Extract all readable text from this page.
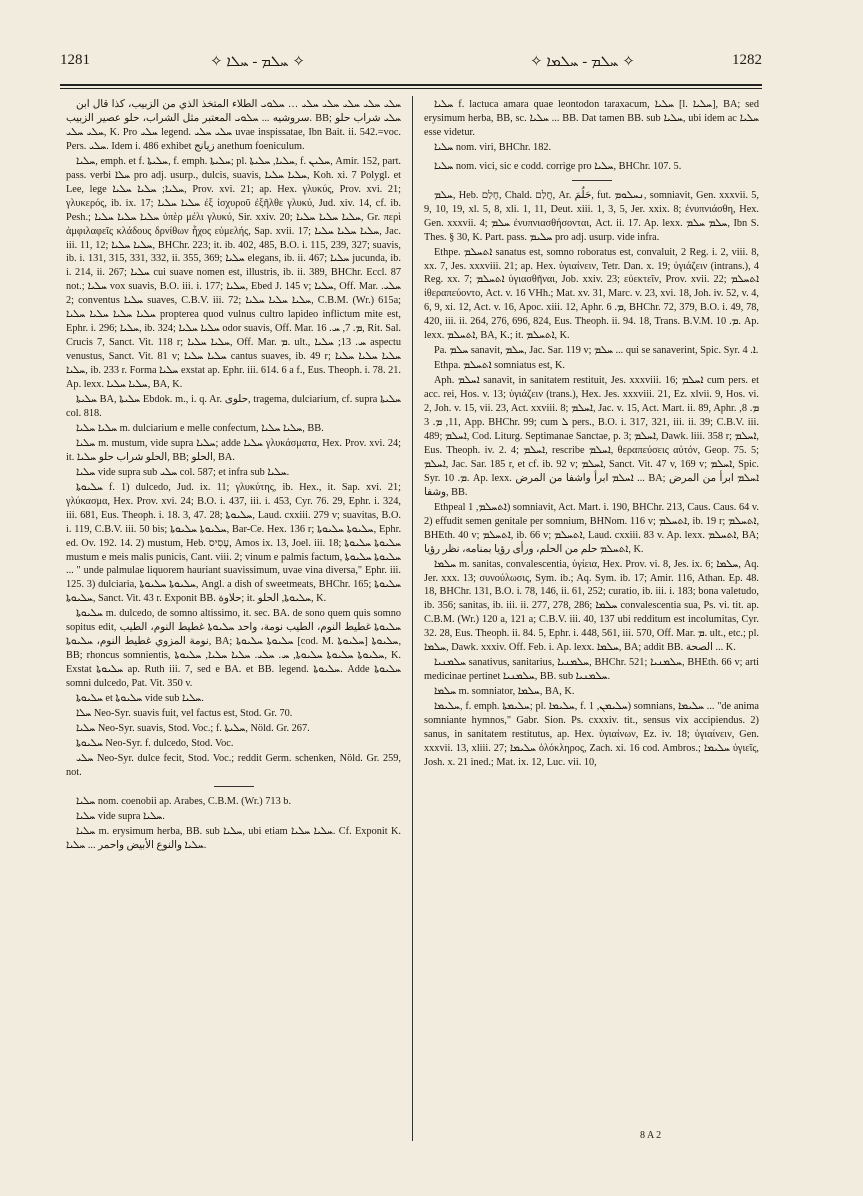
1281	✧ ܚܠܡ - ܚܠܐ ✧	✧ ܚܠܡ - ܚܠܡܐ ✧	1282

ܚܠܝ ܚܠܝ ܚܠܝ ܚܠܝ ܚܠܝ … ܚܠܘܝ الطلاء المتخذ الذي من الزبيب، كذا قال ابن سروشيه ... ܚܠܘܝ المعتبر مثل الشراب، حلو عصير الزبيب. BB; ܚܠܝ شراب حلو ܚܠܝ ܚܠܝ, K. Pro ܚܠܝ legend. ܚܠܝ ܚܠܝ uvae inspissatae, Ibn Bait. ii. 542.=voc. Pers. ܚܠܝ. Idem i. 486 exhibet زيانج anethum foeniculum.

ܚܠܝܐ, emph. et f. ܚܠܝܬܐ, f. emph. ܚܠܝܬܐ; pl. ܚܠܝܐ, ܚܠܝܬܐ, f. ܚܠܝܢ, Amir. 152, part. pass. verbi ܚܠܐ pro adj. usurp., dulcis, suavis, ܚܠܝܐ ܚܠܝܐ, Koh. xi. 7 Polygl. et Lee, lege ܚܠܝܐ; ܚܠܝܐ ܚܠܝܐ, Prov. xvi. 21; ap. Hex. γλυκύς, Prov. xvi. 21; γλυκερός, ib. ix. 17; ܚܠܝܐ ܚܠܝܐ ἐξ ἰσχυροῦ ἐξῆλθε γλυκύ, Jud. xiv. 14, cf. ib. Pesh.; ܚܠܝܐ ܚܠܝܐ ܚܠܝܐ ὑπὲρ μέλι γλυκύ, Sir. xxiv. 20; ܚܠܝܐ ܚܠܝܐ ܚܠܝܐ, Gr. περὶ ἀμφιλαφεῖς κλάδους δρνίθων ἦχος εὐμελής, Sap. xvii. 17; ܚܠܝܐ ܚܠܝܐ ܚܠܝܐ, Jac. iii. 11, 12; ܚܠܝܐ ܚܠܝܐ, BHChr. 223; it. ib. 402, 485, B.O. i. 115, 239, 327; suavis, ib. i. 131, 315, 331, 332, ii. 355, 369; ܚܠܝܐ elegans, ib. ii. 467; ܚܠܝܐ jucunda, ib. i. 214, ii. 267; ܚܠܝܐ cui suave nomen est, illustris, ib. ii. 389, BHChr. Eccl. 87 not.; ܚܠܝܐ vox suavis, B.O. iii. i. 177; ܚܠܝܐ, Ebed J. 145 v; ܚܠܝܐ, Off. Mar. ܚܠܝ. 2; conventus ܚܠܝܐ suaves, C.B.V. iii. 72; ܚܠܝܐ ܚܠܝܐ ܚܠܝܐ, C.B.M. (Wr.) 615a; ܚܠܝܐ ܚܠܝܐ ܚܠܝܐ ܚܠܝܐ propterea quod vulnus cultro lapideo inflictum mite est, Ephr. i. 296; ܚܠܝܐ, ib. 324; ܚܠܝܐ ܚܠܝܐ odor suavis, Off. Mar. ܡ. 7, ܚ. 16, Rit. Sal. Crucis 7, Sanct. Vit. 118 r; ܚܠܝܐ ܚܠܝܐ, Off. Mar. ܡ. ult., ܚ. 13; ܚܠܝܐ aspectu venustus, Sanct. Vit. 81 v; ܚܠܝܐ ܚܠܝܐ cantus suaves, ib. 49 r; ܚܠܝܐ ܚܠܝܐ ܚܠܝܐ ܚܠܝܐ, ib. 233 r. Forma ܚܠܝܐ exstat ap. Ephr. iii. 614. 6 a f., Eus. Theoph. i. 78. 21. Ap. lexx. ܚܠܝܐ ܚܠܝܐ, BA, K.

ܚܠܝܬܐ BA, ܚܠܝܬܐ Ebdok. m., i. q. Ar. حلوى, tragema, dulciarium, cf. supra ܚܠܝܬܐ col. 818.

ܚܠܝܐ ܚܠܝܐ m. dulciarium e melle confectum, ܚܠܝܐ ܚܠܝܐ, BB.

ܚܠܝܐ m. mustum, vide supra ܚܠܝܐ; adde ܚܠܝܐ γλυκάσματα, Hex. Prov. xvi. 24; it. الحلو شراب حلو ܚܠܝܐ, BB; الحلو, BA.

ܚܠܝܐ vide supra sub ܚܠܝ col. 587; et infra sub ܚܠܝܐ.

ܚܠܝܘܬܐ f. 1) dulcedo, Jud. ix. 11; γλυκύτης, ib. Hex., it. Sap. xvi. 21; γλύκασμα, Hex. Prov. xvi. 24; B.O. i. 437, iii. i. 453, Cyr. 76. 29, Ephr. i. 324, iii. 681, Eus. Theoph. i. 18. 3, 47. 28; ܚܠܝܘܬܐ, Laud. cxxiii. 279 v; suavitas, B.O. i. 119, C.B.V. iii. 50 bis; ܚܠܝܘܬܐ ܚܠܝܘܬܐ, Bar-Ce. Hex. 136 r; ܚܠܝܘܬܐ ܚܠܝܘܬܐ, Ephr. ed. Ov. 192. 14. 2) mustum, Heb. עָסִיס, Amos ix. 13, Joel. iii. 18; ܚܠܝܘܬܐ ܚܠܝܘܬܐ mustum e meis malis punicis, Cant. viii. 2; vinum e palmis factum, ܚܠܝܘܬܐ ܚܠܝܘܬܐ ... " unde palmulae liquorem hauriant suavissimum, uvae vina diversa," Ephr. iii. 125. 3) dulciaria, ܚܠܝܘܬܐ ܚܠܝܘܬܐ, Angl. a dish of sweetmeats, BHChr. 165; ܚܠܝܘܬܐ ܚܠܝܘܬܐ, Sanct. Vit. 43 r. Exponit BB. حلاوة; it. ܚܠܝܘܬܐ, الحلو, K.

ܚܠܝܘܬܐ m. dulcedo, de somno altissimo, it. sec. BA. de sono quem quis somno sopitus edit, ܚܠܝܘܬܐ غطيط النوم، الطيب نومة، واحد ܚܠܝܘܬܐ غطيط النوم، الطيب نومة المزوي غطيط النوم، ܚܠܝܘܬܐ, BA; ܚܠܝܘܬܐ ܚܠܝܘܬܐ [cod. M. ܚܠܝܘܬܐ] ܚܠܝܘܬܐ, BB; rhoncus somnientis, ܚܠܝܘܬܐ ܚܠܝܘܬܐ ܚܠܝܘܬܐ, ܚ. ܚܠܝ. ܚܠܝܐ ܚܠܝܐ, ܚܠܝܘܬܐ, K. Exstat ܚܠܝܘܬܐ ap. Ruth iii. 7, sed e BA. et BB. legend. ܚܠܝܘܬܐ. Adde ܚܠܝܘܬܐ somni dulcedo, Pat. Vit. 350 v.

ܚܠܝܘܬܐ et ܚܠܝܘܬܐ vide sub ܚܠܝܐ.

ܚܠܐ Neo-Syr. suavis fuit, vel factus est, Stod. Gr. 70.

ܚܠܝܐ Neo-Syr. suavis, Stod. Voc.; f. ܚܠܝܬܐ, Nöld. Gr. 267.

ܚܠܝܘܬܐ Neo-Syr. f. dulcedo, Stod. Voc.

ܚܠܝ Neo-Syr. dulce fecit, Stod. Voc.; reddit Germ. schenken, Nöld. Gr. 259, not.

ܚܠܝܐ nom. coenobii ap. Arabes, C.B.M. (Wr.) 713 b.

ܚܠܝܐ vide supra ܚܠܝܐ.

ܚܠܝܐ m. erysimum herba, BB. sub ܚܠܝܐ, ubi etiam ܚܠܝܐ ܚܠܝܐ. Cf. Exponit K. ܚܠܝܐ والنوع الأبيض واحمر ... ܚܠܝܐ.

ܚܠܝܐ f. lactuca amara quae leontodon taraxacum, ܚܠܝܐ [l. ܚܠܝܐ], BA; sed erysimum herba, BB, sc. ܚܠܝܐ ... BB. Dat tamen BB. sub ܚܠܝܐ, ubi idem ac ܚܠܝܐ esse videtur.

ܚܠܝܐ nom. viri, BHChr. 182.

ܚܠܝܐ nom. vici, sic e codd. corrige pro ܚܠܝܐ, BHChr. 107. 5.

ܚܠܡ, Heb. חָלַם, Chald. חֲלַם, Ar. حَلُمَ, fut. ܢܚܠܘܡ, somniavit, Gen. xxxvii. 5, 9, 10, 19, xl. 5, 8, xli. 1, 11, Deut. xiii. 1, 3, 5, Jer. xxix. 8; ἐνυπνιάσθη, Hex. Gen. xxxvii. 4; ܚܠܡ ἐνυπνιασθήσονται, Act. ii. 17. Ap. lexx. ܚܠܡ ܚܠܡ, Ibn S. Thes. § 30, K. Part. pass. ܚܠܝܡ pro adj. usurp. vide infra.

Ethpe. ܐܬܚܠܡ sanatus est, somno roboratus est, convaluit, 2 Reg. i. 2, viii. 8, xx. 7, Jes. xxxviii. 21; ap. Hex. ὑγιαίνειν, Tetr. Dan. x. 19; ὑγιάζειν (intrans.), 4 Reg. xx. 7; ܐܬܚܠܡ ὑγιασθῆναι, Job. xxiv. 23; εὐεκτεῖν, Prov. xvii. 22; ܐܬܚܠܡ ἰθεραπεύοντο, Act. v. 16 VHh.; Mat. xv. 31, Marc. v. 23, xvi. 18, Joh. iv. 52, v. 4, 6, 9, xi. 12, Act. v. 16, Apoc. xiii. 12, Aphr. ܡ. 6, BHChr. 72, 379, B.O. i. 49, 78, 420, iii. ii. 264, 276, 696, 824, Eus. Theoph. ii. 94. 18, Trans. B.V.M. ܡ. 10. Ap. lexx. ܐܬܚܠܡ, BA, K.; it. ܐܬܚܠܡ, K.

Pa. ܚܠܡ sanavit, ܚܠܡ, Jac. Sar. 119 v; ܚܠܡ ... qui se sanaverint, Spic. Syr. ܐ. 4.

Ethpa. ܐܬܚܠܡ somniatus est, K.

Aph. ܐܚܠܡ sanavit, in sanitatem restituit, Jes. xxxviii. 16; ܐܚܠܡ cum pers. et acc. rei, Hos. v. 13; ὑγιάζειν (trans.), Hex. Jes. xxxviii. 21, Ez. xlvii. 9, Hos. vi. 2, Joh. v. 15, vii. 23, Act. xxviii. 8; ܐܚܠܡ, Jac. v. 15, Act. Mart. ii. 89, Aphr. ܡ. 8, 11, ܡ. 3, App. BHChr. 99; cum ܠ pers., B.O. i. 317, 321, iii. ii. 39; C.B.V. iii. 489; ܐܚܠܡ, Cod. Liturg. Septimanae Sanctae, p. 3; ܐܚܠܡ, Dawk. liii. 358 r; ܐܚܠܡ, Eus. Theoph. iv. 2. 4; ܐܚܠܡ, rescribe ܐܚܠܡ, θεραπεύσεις αὐτόν, Geop. 75. 5; ܐܚܠܡ, Jac. Sar. 185 r, et cf. ib. 92 v; ܐܚܠܡ, Sanct. Vit. 47 v, 169 v; ܐܚܠܡ, Spic. Syr. ܡ. 10. Ap. lexx. ܐܚܠܡ ابرأ واشفا من المرض ... BA; ܐܚܠܡ ابرأ من المرض وشفا, BB.

Ethpeal ܐܬܚܠܡ, 1) somniavit, Act. Mart. i. 190, BHChr. 213, Caus. Caus. 64 v. 2) effudit semen genitale per somnium, BHNom. 116 v; ܐܬܚܠܡ, ib. 19 r; ܐܬܚܠܡ, BHEth. 40 v; ܐܬܚܠܡ, ib. 66 v; ܐܬܚܠܡ, Laud. cxxiii. 83 v. Ap. lexx. ܐܬܚܠܡ, BA; ܐܬܚܠܡ حلم من الحلم، ورأى رؤيا بمنامه، نظر رؤيا, K.

ܚܠܡܐ m. sanitas, convalescentia, ὑγίεια, Hex. Prov. vi. 8, Jes. ix. 6; ܚܠܡܐ, Aq. Jer. xxx. 13; συνούλωσις, Sym. ib.; Aq. Sym. ib. 17; Amir. 116, Athan. Ep. 48. 18, BHChr. 131, B.O. i. 78, 146, ii. 61, 252; curatio, ib. iii. i. 183; bona valetudo, ib. 356; sanitas, ib. iii. ii. 277, 278, 286; ܚܠܡܐ convalescentia sua, Ps. vi. tit. ap. C.B.M. (Wr.) 120 a, 121 a; C.B.V. iii. 40, 137 ubi redditum est incolumitas, Cyr. 32. 28, Eus. Theoph. ii. 84. 5, Ephr. i. 448, 561, iii. 570, Off. Mar. ܡ. ult., etc.; pl. ܚܠܡܐ, Dawk. xxxiv. Off. Feb. i. Ap. lexx. ܚܠܡܐ, BA; addit BB. الصحة ... K.

ܚܠܡܢܝܐ sanativus, sanitarius, ܚܠܡܢܝܐ, BHChr. 521; ܚܠܡܢܝܐ, BHEth. 66 v; arti medicinae pertinet ܚܠܡܢܝܐ, BB. sub ܚܠܡܢܝܐ.

ܚܠܡܐ m. somniator, ܚܠܡܐ, BA, K.

ܚܠܝܡܐ, f. emph. ܚܠܝܡܬܐ; pl. ܚܠܝܡܐ, f. ܚܠܝܡܢ, 1) somnians, ܚܠܝܡܐ ... "de anima somniante hymnos," Gabr. Sion. Ps. cxxxiv. tit., sensus vix accipiendus. 2) sanus, in sanitatem restitutus, ap. Hex. ὑγιαίνων, Ez. iv. 18; ὑγιαίνειν, Gen. xxxvii. 13, xliii. 27; ܚܠܝܡܐ ὁλόκληρος, Zach. xi. 16 cod. Ambros.; ܚܠܝܡܐ ὑγιεῖς, Josh. x. 21 ined.; Mat. ix. 12, Luc. vii. 10,

8 A 2
